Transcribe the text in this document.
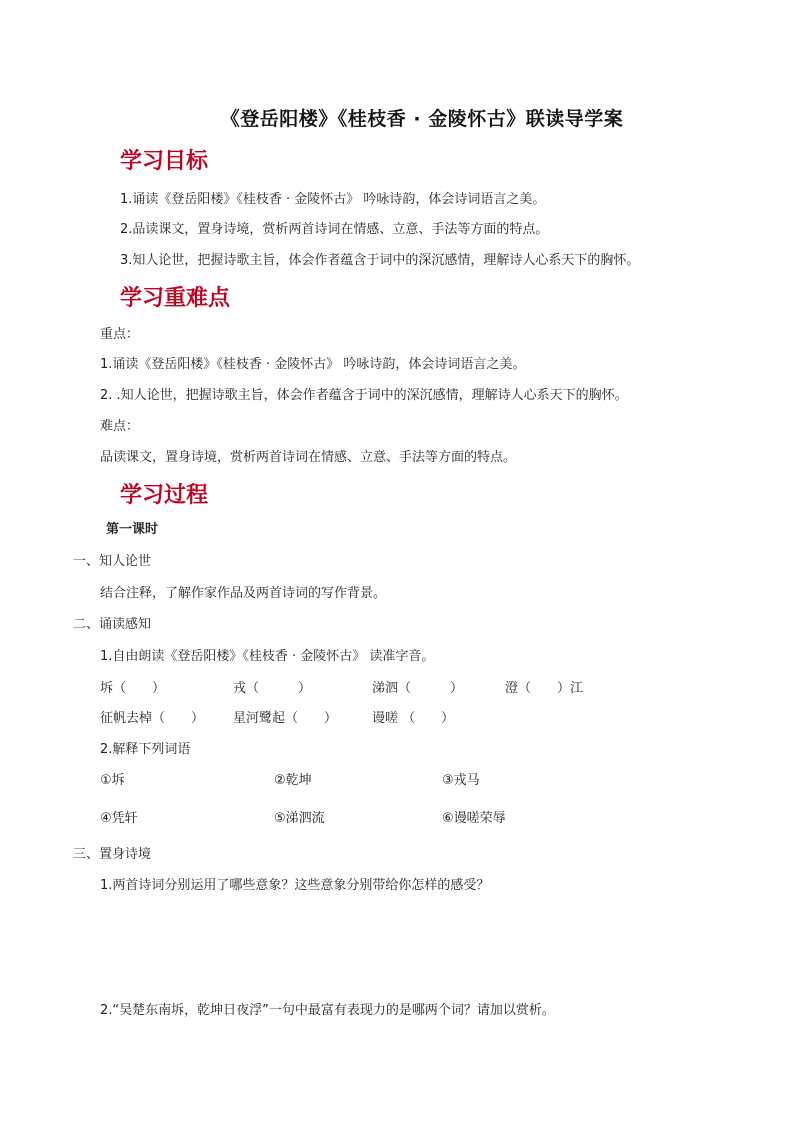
《登岳阳楼》《桂枝香 · 金陵怀古》联读导学案
学习目标
1.诵读《登岳阳楼》《桂枝香 · 金陵怀古》 吟咏诗韵，体会诗词语言之美。
2.品读课文，置身诗境，赏析两首诗词在情感、立意、手法等方面的特点。
3.知人论世，把握诗歌主旨，体会作者蕴含于词中的深沉感情，理解诗人心系天下的胸怀。
学习重难点
重点：
1.诵读《登岳阳楼》《桂枝香 · 金陵怀古》 吟咏诗韵，体会诗词语言之美。
2. .知人论世，把握诗歌主旨，体会作者蕴含于词中的深沉感情，理解诗人心系天下的胸怀。
难点：
品读课文，置身诗境，赏析两首诗词在情感、立意、手法等方面的特点。
学习过程
第一课时
一、知人论世
结合注释，了解作家作品及两首诗词的写作背景。
二、诵读感知
1.自由朗读《登岳阳楼》《桂枝香 · 金陵怀古》 读准字音。
坼（　　）	戎（　　　）	涕泗（　　　）	澄（　　）江
征帆去棹（　　） 星河鹭起（　　）	谩嗟 （　　）
2.解释下列词语
①坼	②乾坤	③戎马
④凭轩	⑤涕泗流	⑥谩嗟荣辱
三、置身诗境
1.两首诗词分别运用了哪些意象？这些意象分别带给你怎样的感受？
2.“吴楚东南坼，乾坤日夜浮”一句中最富有表现力的是哪两个词？请加以赏析。
